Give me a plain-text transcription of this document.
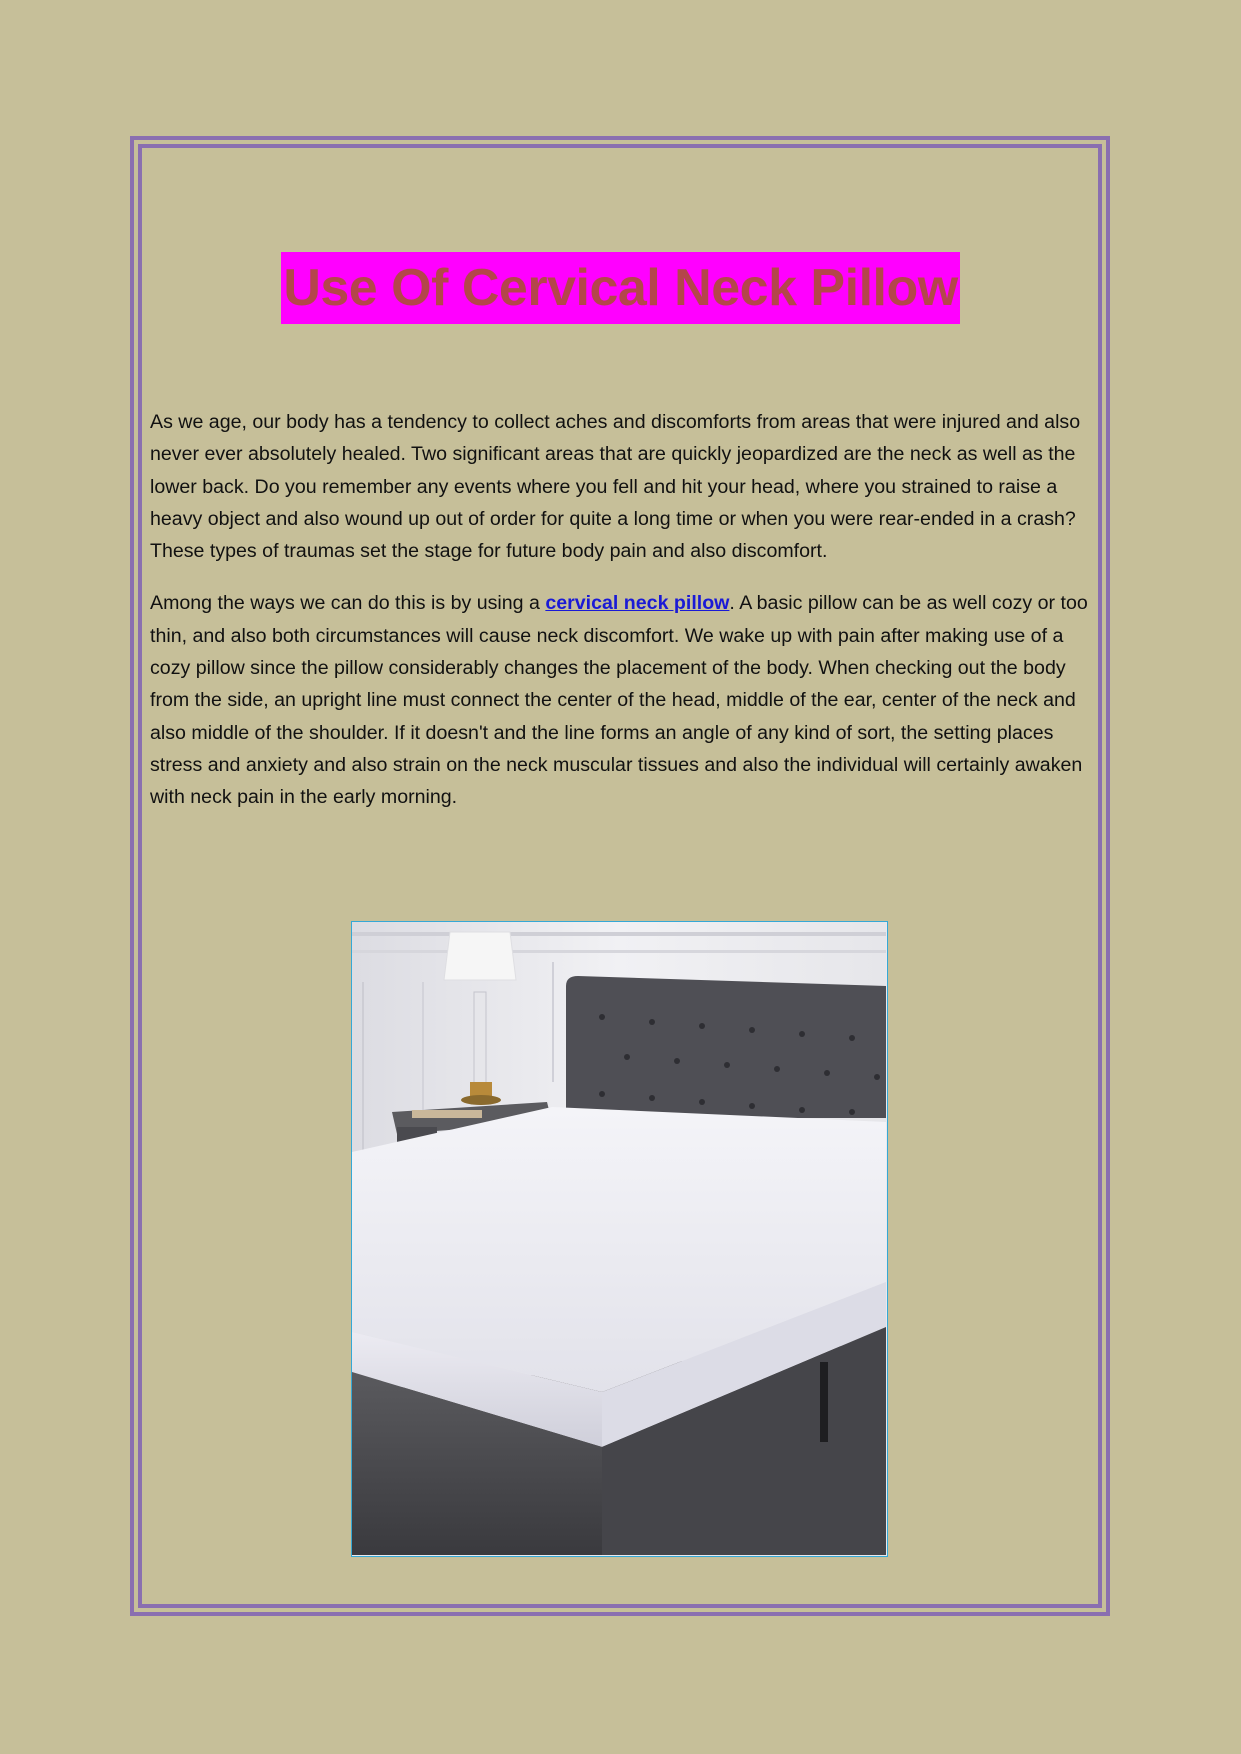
Use Of Cervical Neck Pillow

As we age, our body has a tendency to collect aches and discomforts from areas that were injured and also never ever absolutely healed. Two significant areas that are quickly jeopardized are the neck as well as the lower back. Do you remember any events where you fell and hit your head, where you strained to raise a heavy object and also wound up out of order for quite a long time or when you were rear-ended in a crash? These types of traumas set the stage for future body pain and also discomfort.

Among the ways we can do this is by using a cervical neck pillow. A basic pillow can be as well cozy or too thin, and also both circumstances will cause neck discomfort. We wake up with pain after making use of a cozy pillow since the pillow considerably changes the placement of the body. When checking out the body from the side, an upright line must connect the center of the head, middle of the ear, center of the neck and also middle of the shoulder. If it doesn't and the line forms an angle of any kind of sort, the setting places stress and anxiety and also strain on the neck muscular tissues and also the individual will certainly awaken with neck pain in the early morning.
